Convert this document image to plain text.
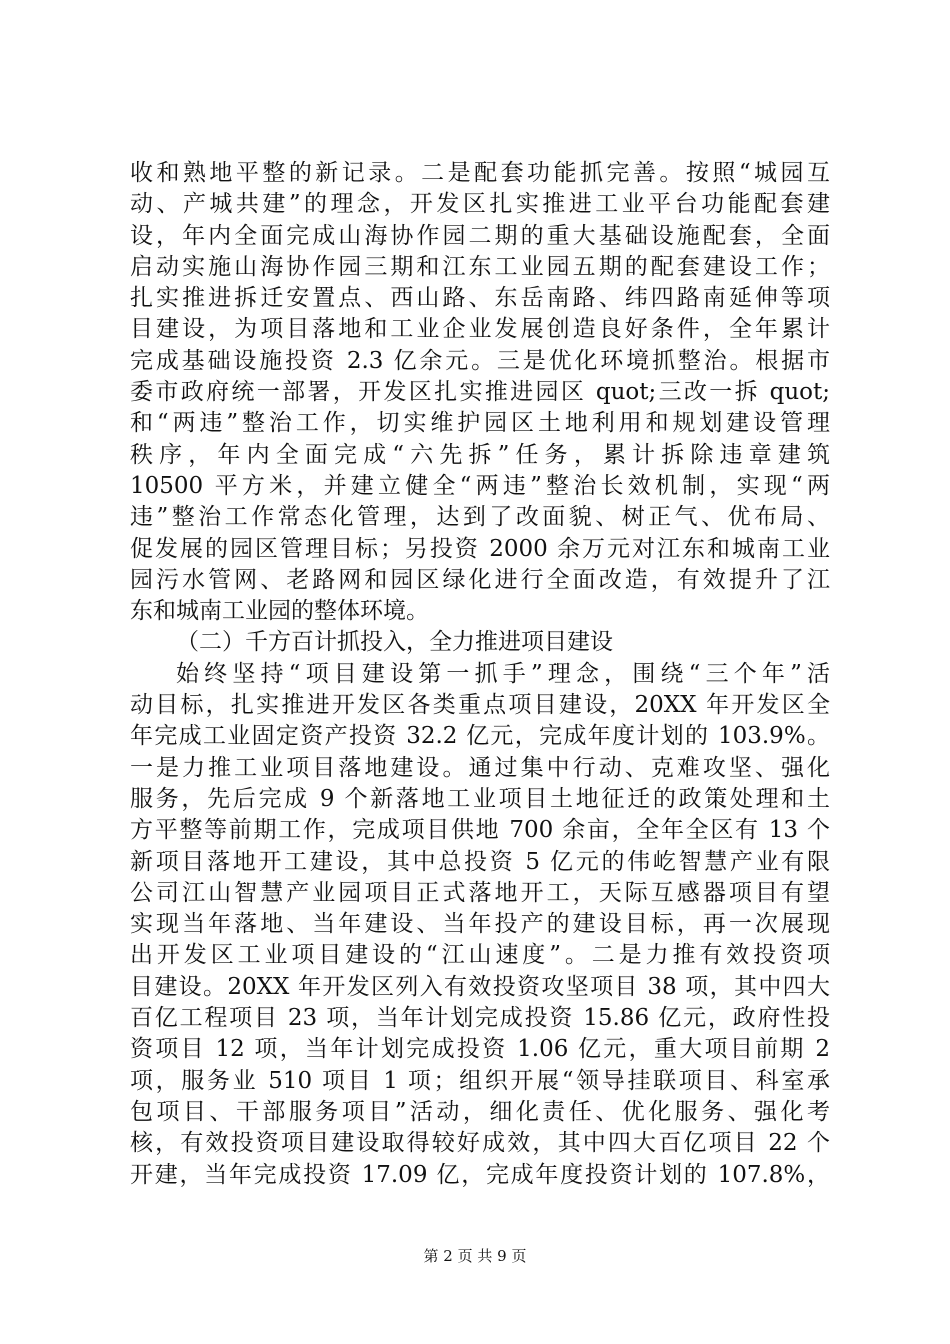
收和熟地平整的新记录。二是配套功能抓完善。按照“城园互
动、产城共建”的理念，开发区扎实推进工业平台功能配套建
设，年内全面完成山海协作园二期的重大基础设施配套，全面
启动实施山海协作园三期和江东工业园五期的配套建设工作；
扎实推进拆迁安置点、西山路、东岳南路、纬四路南延伸等项
目建设，为项目落地和工业企业发展创造良好条件，全年累计
完成基础设施投资 2.3 亿余元。三是优化环境抓整治。根据市
委市政府统一部署，开发区扎实推进园区 quot;三改一拆 quot;
和“两违”整治工作，切实维护园区土地利用和规划建设管理
秩序，年内全面完成“六先拆”任务，累计拆除违章建筑
10500 平方米，并建立健全“两违”整治长效机制，实现“两
违”整治工作常态化管理，达到了改面貌、树正气、优布局、
促发展的园区管理目标；另投资 2000 余万元对江东和城南工业
园污水管网、老路网和园区绿化进行全面改造，有效提升了江
东和城南工业园的整体环境。
（二）千方百计抓投入，全力推进项目建设
始终坚持“项目建设第一抓手”理念，围绕“三个年”活
动目标，扎实推进开发区各类重点项目建设，20XX 年开发区全
年完成工业固定资产投资 32.2 亿元，完成年度计划的 103.9%。
一是力推工业项目落地建设。通过集中行动、克难攻坚、强化
服务，先后完成 9 个新落地工业项目土地征迁的政策处理和土
方平整等前期工作，完成项目供地 700 余亩，全年全区有 13 个
新项目落地开工建设，其中总投资 5 亿元的伟屹智慧产业有限
公司江山智慧产业园项目正式落地开工，天际互感器项目有望
实现当年落地、当年建设、当年投产的建设目标，再一次展现
出开发区工业项目建设的“江山速度”。二是力推有效投资项
目建设。20XX 年开发区列入有效投资攻坚项目 38 项，其中四大
百亿工程项目 23 项，当年计划完成投资 15.86 亿元，政府性投
资项目 12 项，当年计划完成投资 1.06 亿元，重大项目前期 2
项，服务业 510 项目 1 项；组织开展“领导挂联项目、科室承
包项目、干部服务项目”活动，细化责任、优化服务、强化考
核，有效投资项目建设取得较好成效，其中四大百亿项目 22 个
开建，当年完成投资 17.09 亿，完成年度投资计划的 107.8%，
第 2 页 共 9 页
